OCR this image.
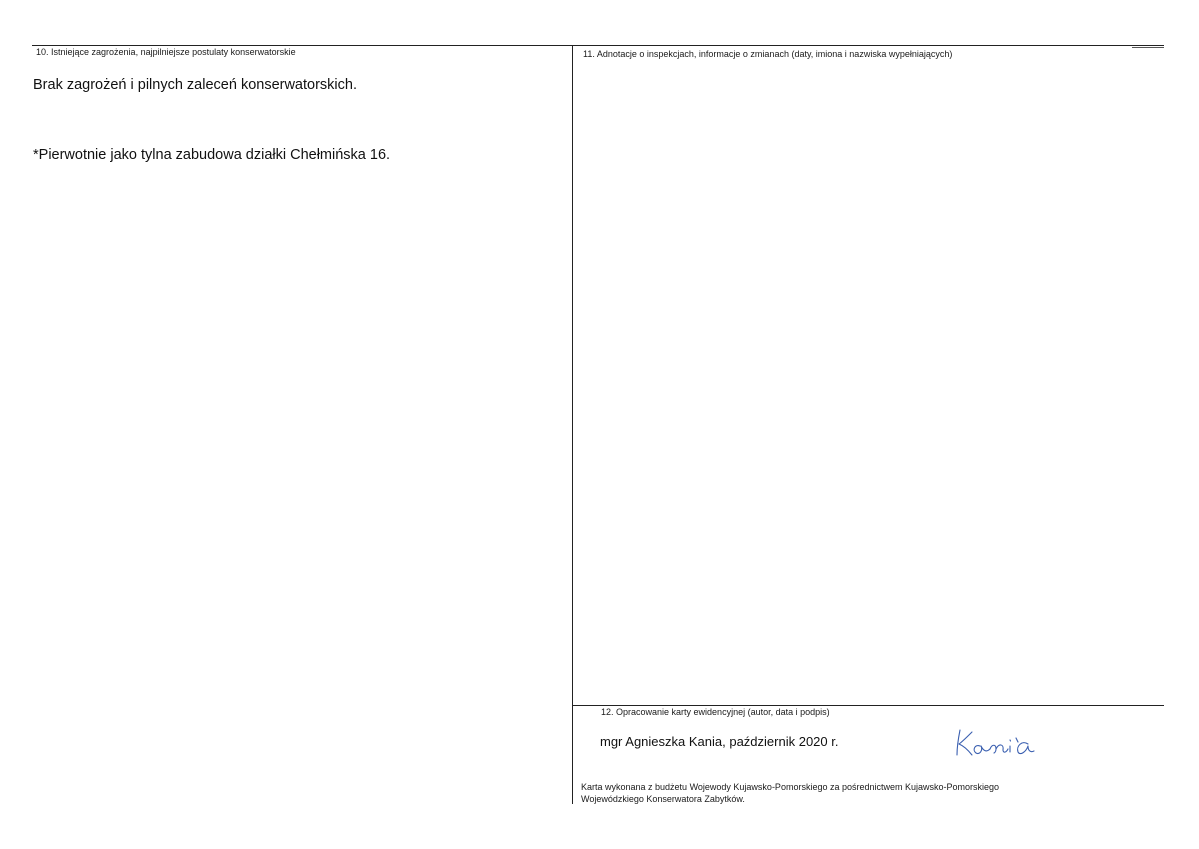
10. Istniejące zagrożenia, najpilniejsze postulaty konserwatorskie
Brak zagrożeń i pilnych zaleceń konserwatorskich.
*Pierwotnie jako tylna zabudowa działki Chełmińska 16.
11. Adnotacje o inspekcjach, informacje o zmianach (daty, imiona i nazwiska wypełniających)
12. Opracowanie karty ewidencyjnej (autor, data i podpis)
mgr Agnieszka Kania, październik 2020 r.
Karta wykonana z budżetu Wojewody Kujawsko-Pomorskiego za pośrednictwem Kujawsko-Pomorskiego
Wojewódzkiego Konserwatora Zabytków.
